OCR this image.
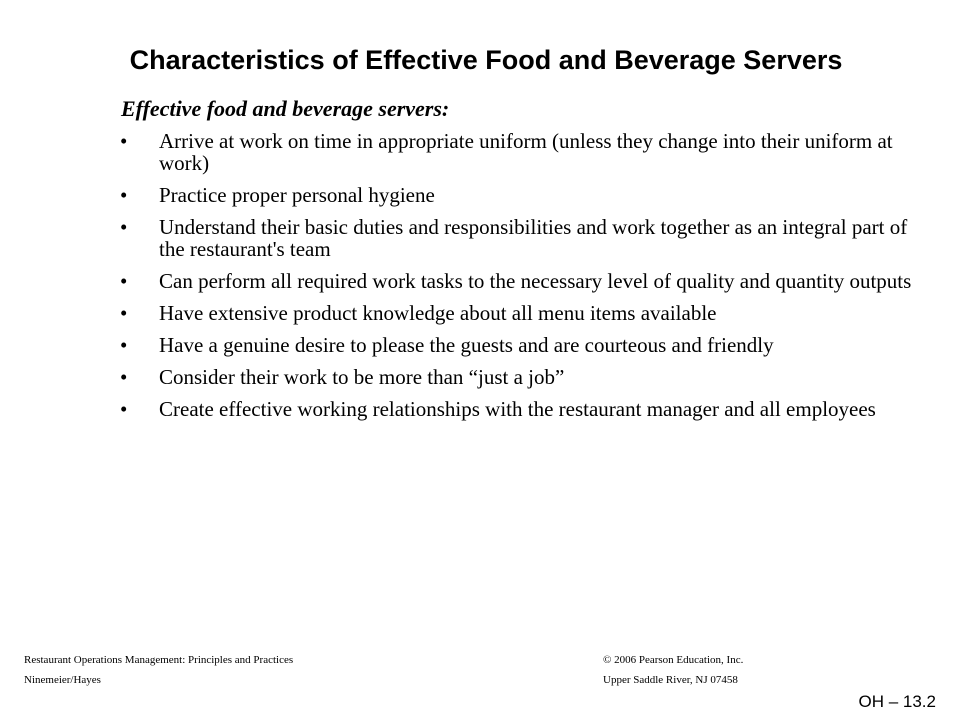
Characteristics of Effective Food and Beverage Servers
Effective food and beverage servers:
• Arrive at work on time in appropriate uniform (unless they change into their uniform at work)
• Practice proper personal hygiene
• Understand their basic duties and responsibilities and work together as an integral part of the restaurant's team
• Can perform all required work tasks to the necessary level of quality and quantity outputs
• Have extensive product knowledge about all menu items available
• Have a genuine desire to please the guests and are courteous and friendly
• Consider their work to be more than “just a job”
• Create effective working relationships with the restaurant manager and all employees
Restaurant Operations Management: Principles and Practices
Ninemeier/Hayes
© 2006 Pearson Education, Inc.
Upper Saddle River, NJ 07458
OH – 13.2
